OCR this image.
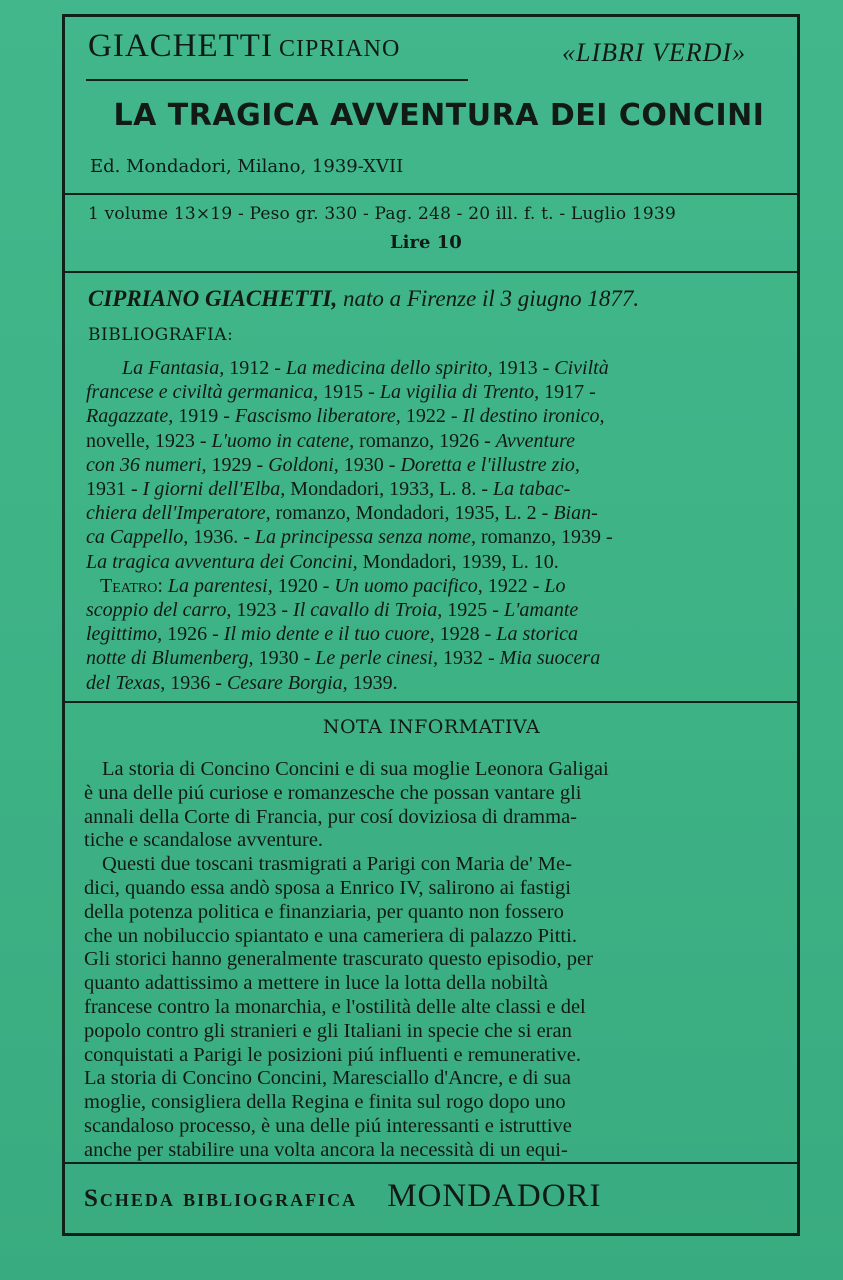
GIACHETTI CIPRIANO	«LIBRI VERDI»
LA TRAGICA AVVENTURA DEI CONCINI
Ed. Mondadori, Milano, 1939-XVII
1 volume 13×19 - Peso gr. 330 - Pag. 248 - 20 ill. f. t. - Luglio 1939
Lire 10
CIPRIANO GIACHETTI, nato a Firenze il 3 giugno 1877.
BIBLIOGRAFIA:
La Fantasia, 1912 - La medicina dello spirito, 1913 - Civiltà
francese e civiltà germanica, 1915 - La vigilia di Trento, 1917 -
Ragazzate, 1919 - Fascismo liberatore, 1922 - Il destino ironico,
novelle, 1923 - L'uomo in catene, romanzo, 1926 - Avventure
con 36 numeri, 1929 - Goldoni, 1930 - Doretta e l'illustre zio,
1931 - I giorni dell'Elba, Mondadori, 1933, L. 8. - La tabac-
chiera dell'Imperatore, romanzo, Mondadori, 1935, L. 2 - Bian-
ca Cappello, 1936. - La principessa senza nome, romanzo, 1939 -
La tragica avventura dei Concini, Mondadori, 1939, L. 10.
Teatro: La parentesi, 1920 - Un uomo pacifico, 1922 - Lo
scoppio del carro, 1923 - Il cavallo di Troia, 1925 - L'amante
legittimo, 1926 - Il mio dente e il tuo cuore, 1928 - La storica
notte di Blumenberg, 1930 - Le perle cinesi, 1932 - Mia suocera
del Texas, 1936 - Cesare Borgia, 1939.
NOTA INFORMATIVA
La storia di Concino Concini e di sua moglie Leonora Galigai
è una delle piú curiose e romanzesche che possan vantare gli
annali della Corte di Francia, pur cosí doviziosa di dramma-
tiche e scandalose avventure.
Questi due toscani trasmigrati a Parigi con Maria de' Me-
dici, quando essa andò sposa a Enrico IV, salirono ai fastigi
della potenza politica e finanziaria, per quanto non fossero
che un nobiluccio spiantato e una cameriera di palazzo Pitti.
Gli storici hanno generalmente trascurato questo episodio, per
quanto adattissimo a mettere in luce la lotta della nobiltà
francese contro la monarchia, e l'ostilità delle alte classi e del
popolo contro gli stranieri e gli Italiani in specie che si eran
conquistati a Parigi le posizioni piú influenti e remunerative.
La storia di Concino Concini, Maresciallo d'Ancre, e di sua
moglie, consigliera della Regina e finita sul rogo dopo uno
scandaloso processo, è una delle piú interessanti e istruttive
anche per stabilire una volta ancora la necessità di un equi-
Scheda bibliografica MONDADORI
